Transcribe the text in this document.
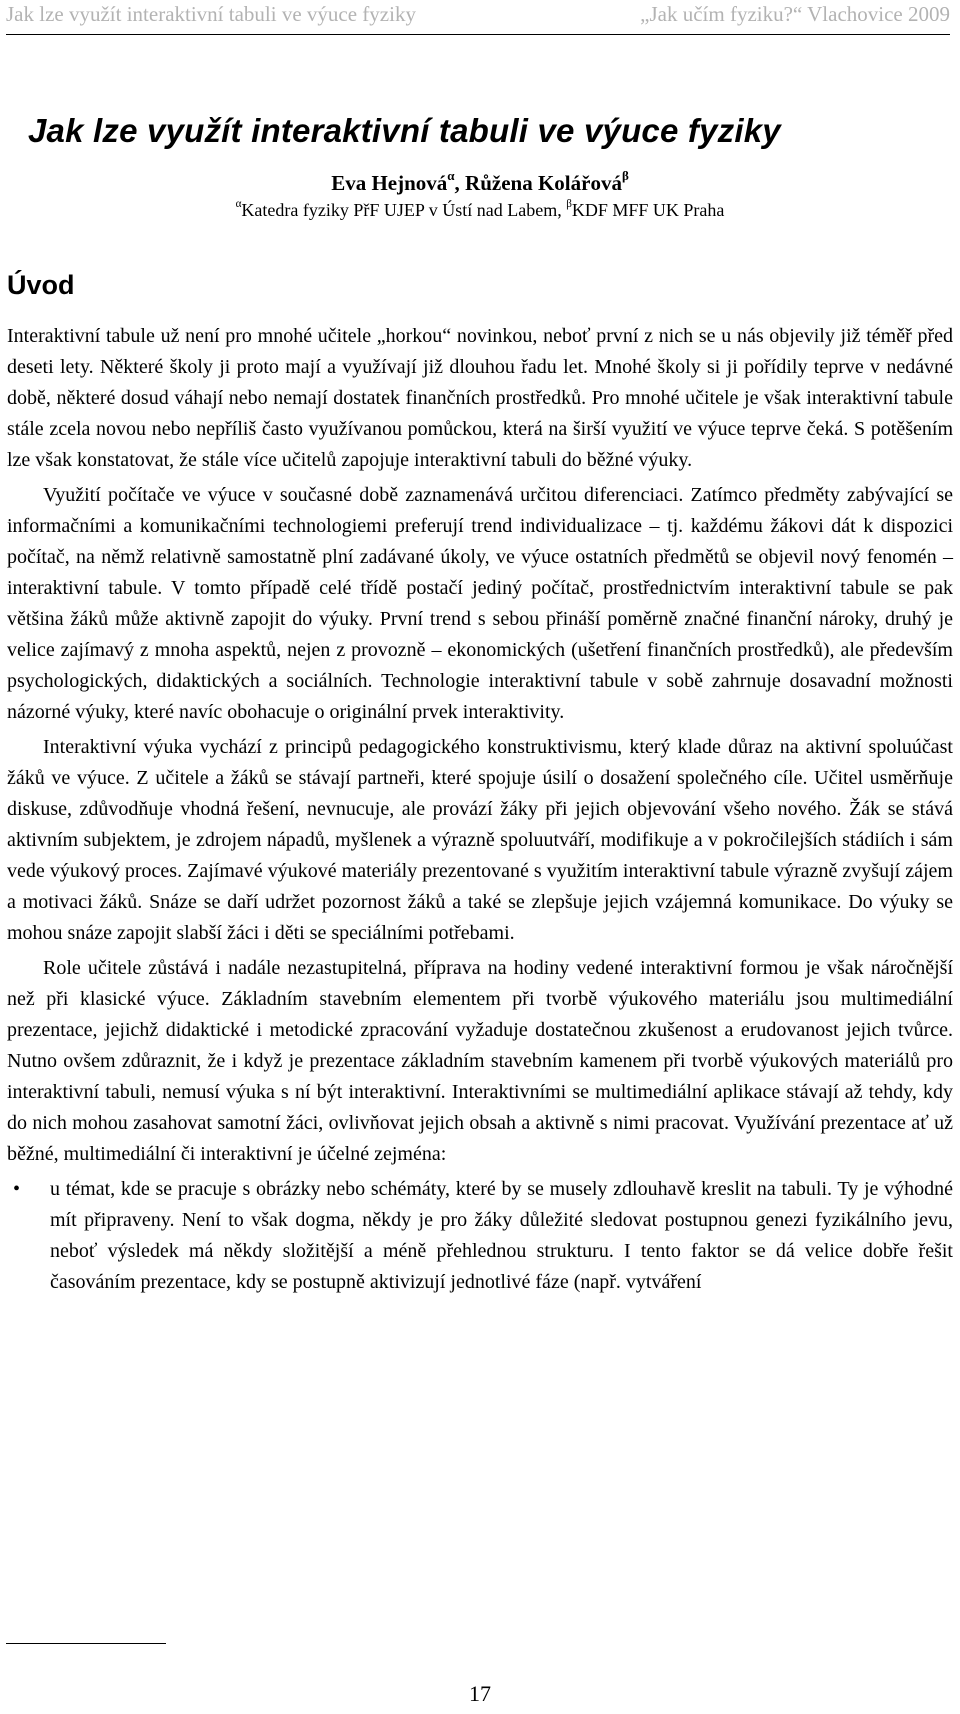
Jak lze využít interaktivní tabuli ve výuce fyziky	„Jak učím fyziku?“ Vlachovice 2009
Jak lze využít interaktivní tabuli ve výuce fyziky
Eva Hejnová$^\alpha$, Růžena Kolářová$^\beta$
$^\alpha$Katedra fyziky PřF UJEP v Ústí nad Labem, $^\beta$KDF MFF UK Praha
Úvod

Interaktivní tabule už není pro mnohé učitele „horkou“ novinkou, neboť první z nich se u nás objevily již téměř před deseti lety. Některé školy ji proto mají a využívají již dlouhou řadu let. Mnohé školy si ji pořídily teprve v nedávné době, některé dosud váhají nebo nemají dostatek finančních prostředků. Pro mnohé učitele je však interaktivní tabule stále zcela novou nebo nepříliš často využívanou pomůckou, která na širší využití ve výuce teprve čeká. S potěšením lze však konstatovat, že stále více učitelů zapojuje interaktivní tabuli do běžné výuky.

Využití počítače ve výuce v současné době zaznamenává určitou diferenciaci. Zatímco předměty zabývající se informačními a komunikačními technologiemi preferují trend individualizace – tj. každému žákovi dát k dispozici počítač, na němž relativně samostatně plní zadávané úkoly, ve výuce ostatních předmětů se objevil nový fenomén – interaktivní tabule. V tomto případě celé třídě postačí jediný počítač, prostřednictvím interaktivní tabule se pak většina žáků může aktivně zapojit do výuky. První trend s sebou přináší poměrně značné finanční nároky, druhý je velice zajímavý z mnoha aspektů, nejen z provozně – ekonomických (ušetření finančních prostředků), ale především psychologických, didaktických a sociálních. Technologie interaktivní tabule v sobě zahrnuje dosavadní možnosti názorné výuky, které navíc obohacuje o originální prvek interaktivity.

Interaktivní výuka vychází z principů pedagogického konstruktivismu, který klade důraz na aktivní spoluúčast žáků ve výuce. Z učitele a žáků se stávají partneři, které spojuje úsilí o dosažení společného cíle. Učitel usměrňuje diskuse, zdůvodňuje vhodná řešení, nevnucuje, ale provází žáky při jejich objevování všeho nového. Žák se stává aktivním subjektem, je zdrojem nápadů, myšlenek a výrazně spoluutváří, modifikuje a v pokročilejších stádiích i sám vede výukový proces. Zajímavé výukové materiály prezentované s využitím interaktivní tabule výrazně zvyšují zájem a motivaci žáků. Snáze se daří udržet pozornost žáků a také se zlepšuje jejich vzájemná komunikace. Do výuky se mohou snáze zapojit slabší žáci i děti se speciálními potřebami.

Role učitele zůstává i nadále nezastupitelná, příprava na hodiny vedené interaktivní formou je však náročnější než při klasické výuce. Základním stavebním elementem při tvorbě výukového materiálu jsou multimediální prezentace, jejichž didaktické i metodické zpracování vyžaduje dostatečnou zkušenost a erudovanost jejich tvůrce. Nutno ovšem zdůraznit, že i když je prezentace základním stavebním kamenem při tvorbě výukových materiálů pro interaktivní tabuli, nemusí výuka s ní být interaktivní. Interaktivními se multimediální aplikace stávají až tehdy, kdy do nich mohou zasahovat samotní žáci, ovlivňovat jejich obsah a aktivně s nimi pracovat. Využívání prezentace ať už běžné, multimediální či interaktivní je účelné zejména:

• u témat, kde se pracuje s obrázky nebo schémáty, které by se musely zdlouhavě kreslit na tabuli. Ty je výhodné mít připraveny. Není to však dogma, někdy je pro žáky důležité sledovat postupnou genezi fyzikálního jevu, neboť výsledek má někdy složitější a méně přehlednou strukturu. I tento faktor se dá velice dobře řešit časováním prezentace, kdy se postupně aktivizují jednotlivé fáze (např. vytváření
17
